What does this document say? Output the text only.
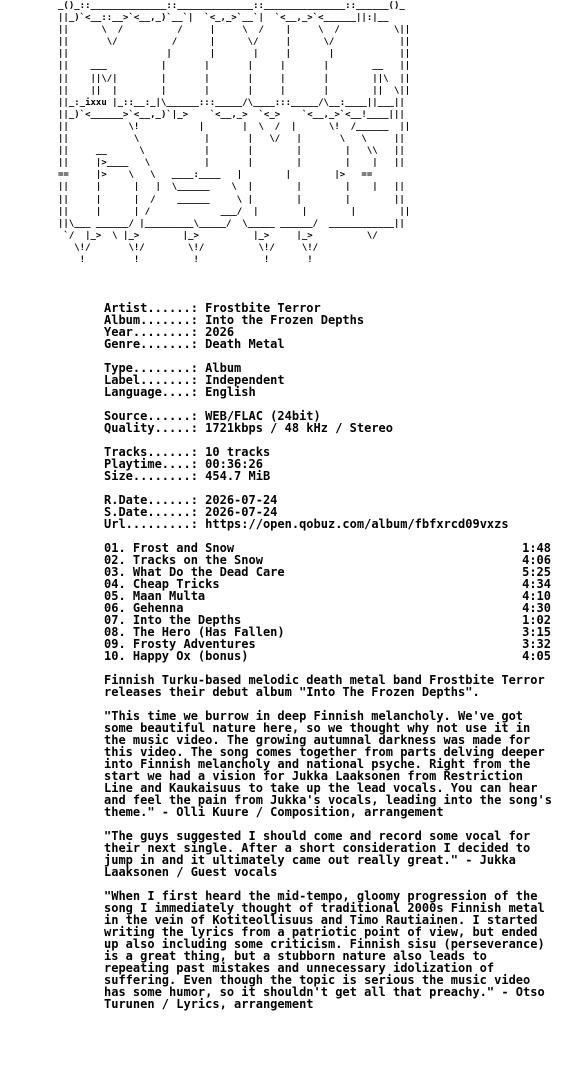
_()_::______________::______________::_______________::______()_
||_)`<__::__>`<__,_)`__`|  `<_,_>`__`|  `<__,_>`<______||:|__
||      \  /          /     |     \  /    |     \  /          \||
||       \/          /      |      \/     |      \/            ||
||                  |       |       |     |       |            ||
||    ___          |       |       |     |       |        __   ||
||    ||\/|        |       |       |     |       |        ||\  ||
||    ||  |        |       |       |     |       |        ||  \||
||_:_ixxu |_::__:_|\______:::_____/\____:::_____/\__:____||___||
||_)`<______>`<__,_)`|_>    `<__,_>  `<_>    `<__,_>`<__!____|||
||           \!           |       |  \  /  |      \!  /______  ||
||            \            |       |   \/   |       \   \     ||
||     __      \           |       |        |        |   \\   ||
||     |>____   \          |       |        |        |    |   ||
==     |>    \   \   ____:____   |        |        |>   ==
||     |      |   |  \______    \  |        |        |    |   ||
||     |      |  /    ______     \ |        |        |        ||
||     |      | /             ___/  |        |        |        ||
||\___ ______/ |_________\_____/  \_____ ______/  ____________||
`/  |_>  \ |_>        |_>          |_>     |_>          \/
\!/       \!/        \!/          \!/     \!/
!         !          !            !       !
Artist......: Frostbite Terror
Album.......: Into the Frozen Depths
Year........: 2026
Genre.......: Death Metal
Type........: Album
Label.......: Independent
Language....: English
Source......: WEB/FLAC (24bit)
Quality.....: 1721kbps / 48 kHz / Stereo
Tracks......: 10 tracks
Playtime....: 00:36:26
Size........: 454.7 MiB
R.Date......: 2026-07-24
S.Date......: 2026-07-24
Url.........: https://open.qobuz.com/album/fbfxrcd09vxzs
01. Frost and Snow	1:48
02. Tracks on the Snow	4:06
03. What Do the Dead Care	5:25
04. Cheap Tricks	4:34
05. Maan Multa	4:10
06. Gehenna	4:30
07. Into the Depths	1:02
08. The Hero (Has Fallen)	3:15
09. Frosty Adventures	3:32
10. Happy Ox (bonus)	4:05

Finnish Turku-based melodic death metal band Frostbite Terror releases their debut album "Into The Frozen Depths".

"This time we burrow in deep Finnish melancholy. We've got some beautiful nature here, so we thought why not use it in the music video. The growing autumnal darkness was made for this video. The song comes together from parts delving deeper into Finnish melancholy and national psyche. Right from the start we had a vision for Jukka Laaksonen from Restriction Line and Kaukaisuus to take up the lead vocals. You can hear and feel the pain from Jukka's vocals, leading into the song's theme." - Olli Kuure / Composition, arrangement

"The guys suggested I should come and record some vocal for their next single. After a short consideration I decided to jump in and it ultimately came out really great." - Jukka Laaksonen / Guest vocals

"When I first heard the mid-tempo, gloomy progression of the song I immediately thought of traditional 2000s Finnish metal in the vein of Kotiteollisuus and Timo Rautiainen. I started writing the lyrics from a patriotic point of view, but ended up also including some criticism. Finnish sisu (perseverance) is a great thing, but a stubborn nature also leads to repeating past mistakes and unnecessary idolization of suffering. Even though the topic is serious the music video has some humor, so it shouldn't get all that preachy." - Otso Turunen / Lyrics, arrangement
